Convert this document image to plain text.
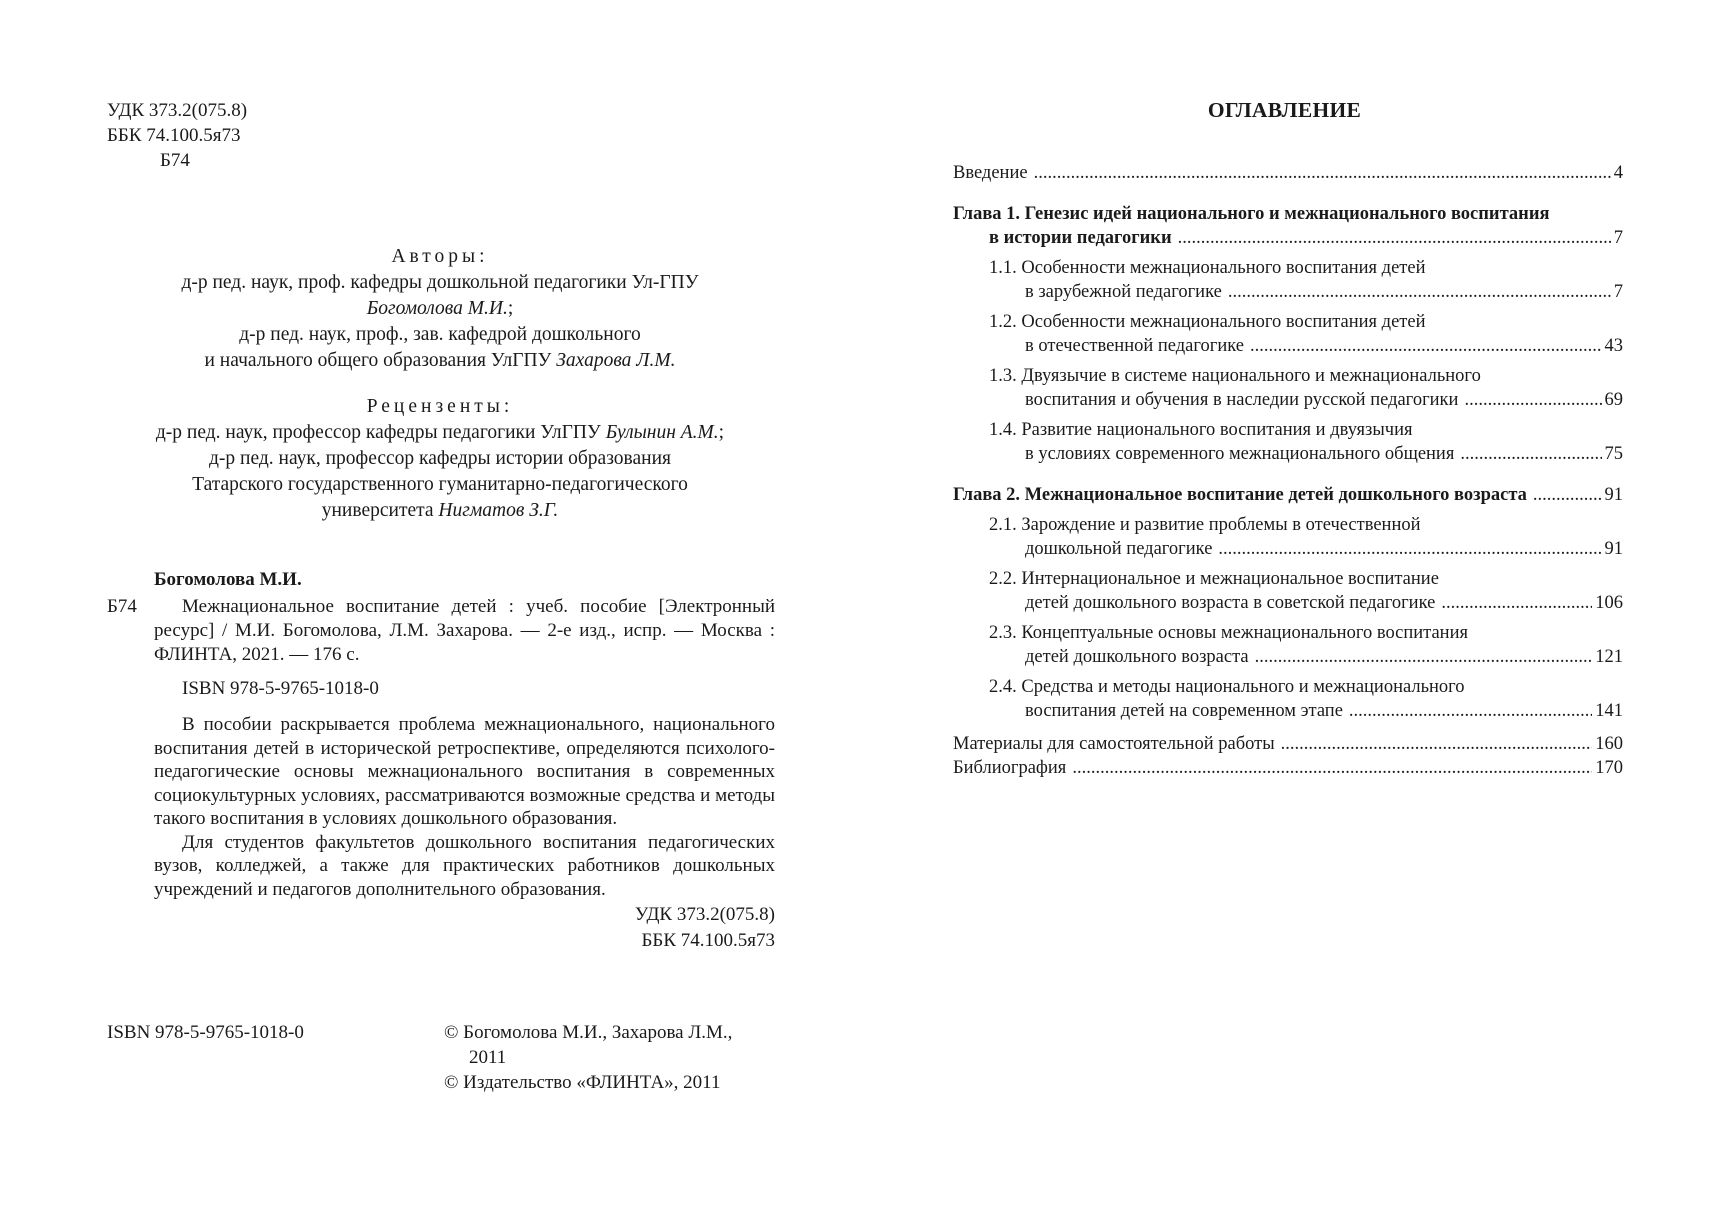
УДК 373.2(075.8)
ББК 74.100.5я73
Б74
Авторы:
д-р пед. наук, проф. кафедры дошкольной педагогики Ул-ГПУ
Богомолова М.И.;
д-р пед. наук, проф., зав. кафедрой дошкольного
и начального общего образования УлГПУ Захарова Л.М.
Рецензенты:
д-р пед. наук, профессор кафедры педагогики УлГПУ Булынин А.М.;
д-р пед. наук, профессор кафедры истории образования
Татарского государственного гуманитарно-педагогического
университета Нигматов З.Г.
Богомолова М.И.
Б74 Межнациональное воспитание детей : учеб. пособие [Электронный ресурс] / М.И. Богомолова, Л.М. Захарова. — 2-е изд., испр. — Москва : ФЛИНТА, 2021. — 176 с.
ISBN 978-5-9765-1018-0

В пособии раскрывается проблема межнационального, национального воспитания детей в исторической ретроспективе, определяются психолого-педагогические основы межнационального воспитания в современных социокультурных условиях, рассматриваются возможные средства и методы такого воспитания в условиях дошкольного образования.

Для студентов факультетов дошкольного воспитания педагогических вузов, колледжей, а также для практических работников дошкольных учреждений и педагогов дополнительного образования.

УДК 373.2(075.8)
ББК 74.100.5я73
ISBN 978-5-9765-1018-0	© Богомолова М.И., Захарова Л.М.,
2011
© Издательство «ФЛИНТА», 2011
ОГЛАВЛЕНИЕ
Введение .....	4
Глава 1. Генезис идей национального и межнационального воспитания
в истории педагогики .....	7
1.1. Особенности межнационального воспитания детей
в зарубежной педагогике .....	7
1.2. Особенности межнационального воспитания детей
в отечественной педагогике .....	43
1.3. Двуязычие в системе национального и межнационального
воспитания и обучения в наследии русской педагогики .....	69
1.4. Развитие национального воспитания и двуязычия
в условиях современного межнационального общения .....	75
Глава 2. Межнациональное воспитание детей дошкольного возраста .....	91
2.1. Зарождение и развитие проблемы в отечественной
дошкольной педагогике .....	91
2.2. Интернациональное и межнациональное воспитание
детей дошкольного возраста в советской педагогике .....	106
2.3. Концептуальные основы межнационального воспитания
детей дошкольного возраста .....	121
2.4. Средства и методы национального и межнационального
воспитания детей на современном этапе .....	141
Материалы для самостоятельной работы .....	160
Библиография .....	170
